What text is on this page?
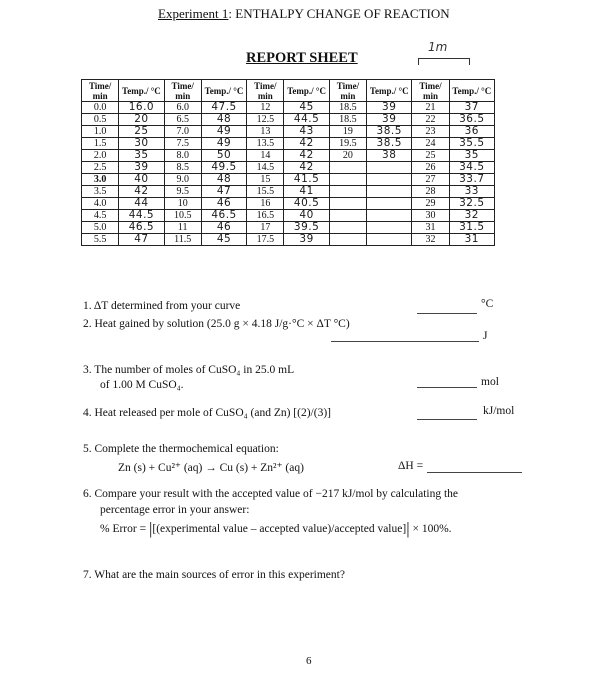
Experiment 1: ENTHALPY CHANGE OF REACTION
REPORT SHEET
1m
Time/ min	Temp./ °C	Time/ min	Temp./ °C	Time/ min	Temp./ °C	Time/ min	Temp./ °C	Time/ min	Temp./ °C
0.0	16.0	6.0	47.5	12	45	18.5	39	21	37
0.5	20	6.5	48	12.5	44.5	18.5	39	22	36.5
1.0	25	7.0	49	13	43	19	38.5	23	36
1.5	30	7.5	49	13.5	42	19.5	38.5	24	35.5
2.0	35	8.0	50	14	42	20	38	25	35
2.5	39	8.5	49.5	14.5	42			26	34.5
3.0	40	9.0	48	15	41.5			27	33.7
3.5	42	9.5	47	15.5	41			28	33
4.0	44	10	46	16	40.5			29	32.5
4.5	44.5	10.5	46.5	16.5	40			30	32
5.0	46.5	11	46	17	39.5			31	31.5
5.5	47	11.5	45	17.5	39			32	31
1. ΔT determined from your curve	°C
2. Heat gained by solution (25.0 g × 4.18 J/g·°C × ΔT °C)
J
3. The number of moles of CuSO₄ in 25.0 mL
of 1.00 M CuSO₄.	mol
4. Heat released per mole of CuSO₄ (and Zn) [(2)/(3)]	kJ/mol
5. Complete the thermochemical equation:
Zn (s) + Cu²⁺ (aq) → Cu (s) + Zn²⁺ (aq)	ΔH =
6. Compare your result with the accepted value of −217 kJ/mol by calculating the
percentage error in your answer:
% Error = |[(experimental value – accepted value)/accepted value]| × 100%.
7. What are the main sources of error in this experiment?
6
